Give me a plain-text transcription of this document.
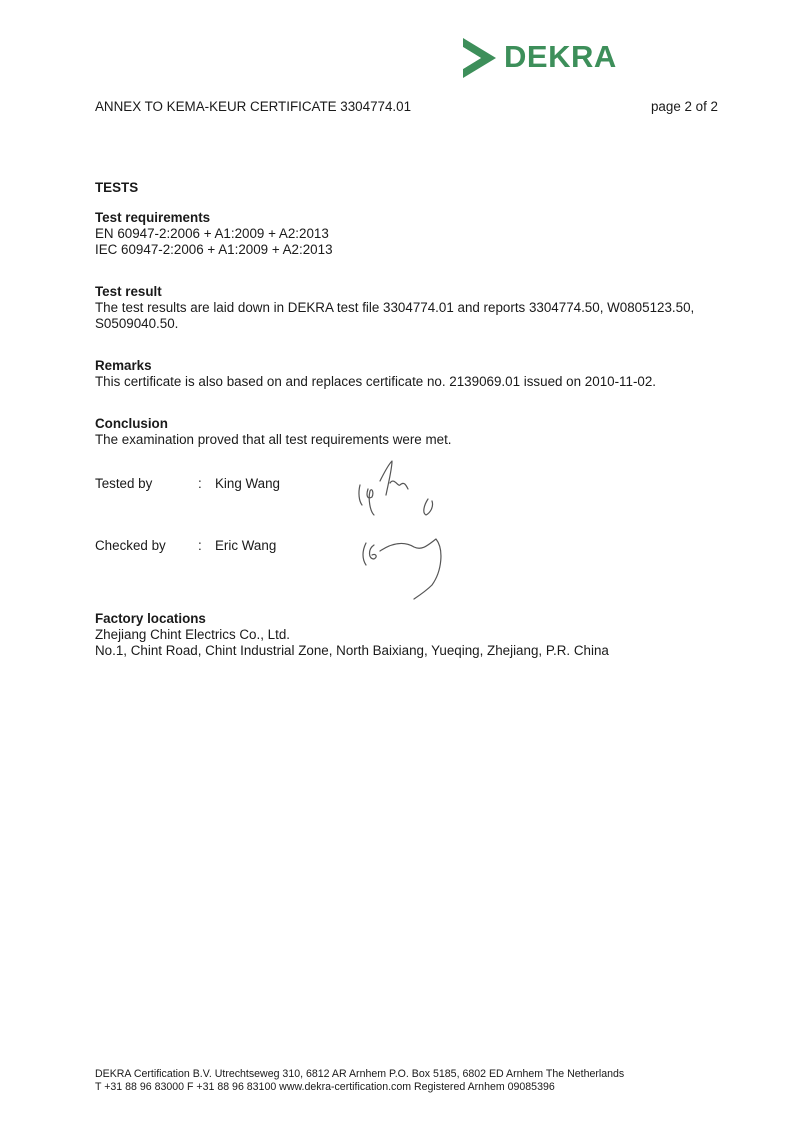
DEKRA
ANNEX TO KEMA-KEUR CERTIFICATE 3304774.01	page 2 of 2
TESTS
Test requirements
EN 60947-2:2006 + A1:2009 + A2:2013
IEC 60947-2:2006 + A1:2009 + A2:2013
Test result
The test results are laid down in DEKRA test file 3304774.01 and reports 3304774.50, W0805123.50,
S0509040.50.
Remarks
This certificate is also based on and replaces certificate no. 2139069.01 issued on 2010-11-02.
Conclusion
The examination proved that all test requirements were met.
Tested by	: King Wang
Checked by : Eric Wang
Factory locations
Zhejiang Chint Electrics Co., Ltd.
No.1, Chint Road, Chint Industrial Zone, North Baixiang, Yueqing, Zhejiang, P.R. China
DEKRA Certification B.V. Utrechtseweg 310, 6812 AR Arnhem P.O. Box 5185, 6802 ED Arnhem The Netherlands
T +31 88 96 83000 F +31 88 96 83100 www.dekra-certification.com Registered Arnhem 09085396
